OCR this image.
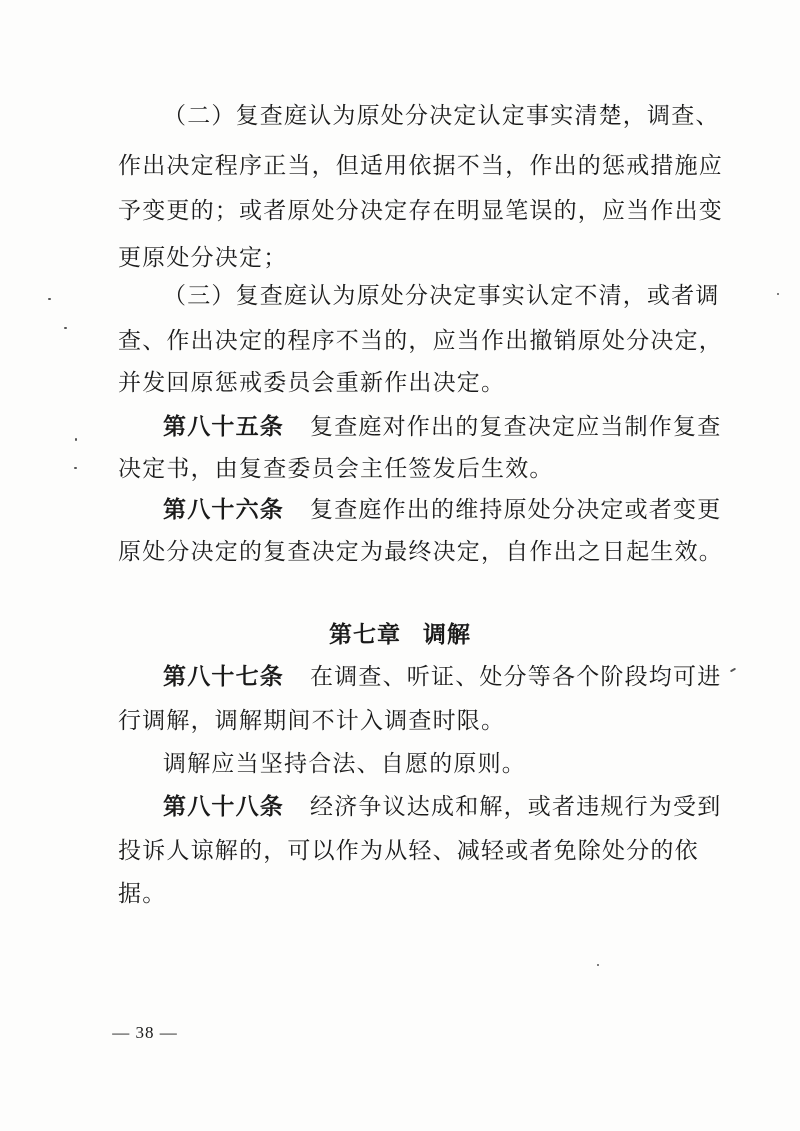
（二）复查庭认为原处分决定认定事实清楚，调查、
作出决定程序正当，但适用依据不当，作出的惩戒措施应
予变更的；或者原处分决定存在明显笔误的，应当作出变
更原处分决定；
（三）复查庭认为原处分决定事实认定不清，或者调
查、作出决定的程序不当的，应当作出撤销原处分决定，
并发回原惩戒委员会重新作出决定。
第八十五条 复查庭对作出的复查决定应当制作复查
决定书，由复查委员会主任签发后生效。
第八十六条 复查庭作出的维持原处分决定或者变更
原处分决定的复查决定为最终决定，自作出之日起生效。
第七章 调解
第八十七条 在调查、听证、处分等各个阶段均可进
行调解，调解期间不计入调查时限。
调解应当坚持合法、自愿的原则。
第八十八条 经济争议达成和解，或者违规行为受到
投诉人谅解的，可以作为从轻、减轻或者免除处分的依
据。
— 38 —
